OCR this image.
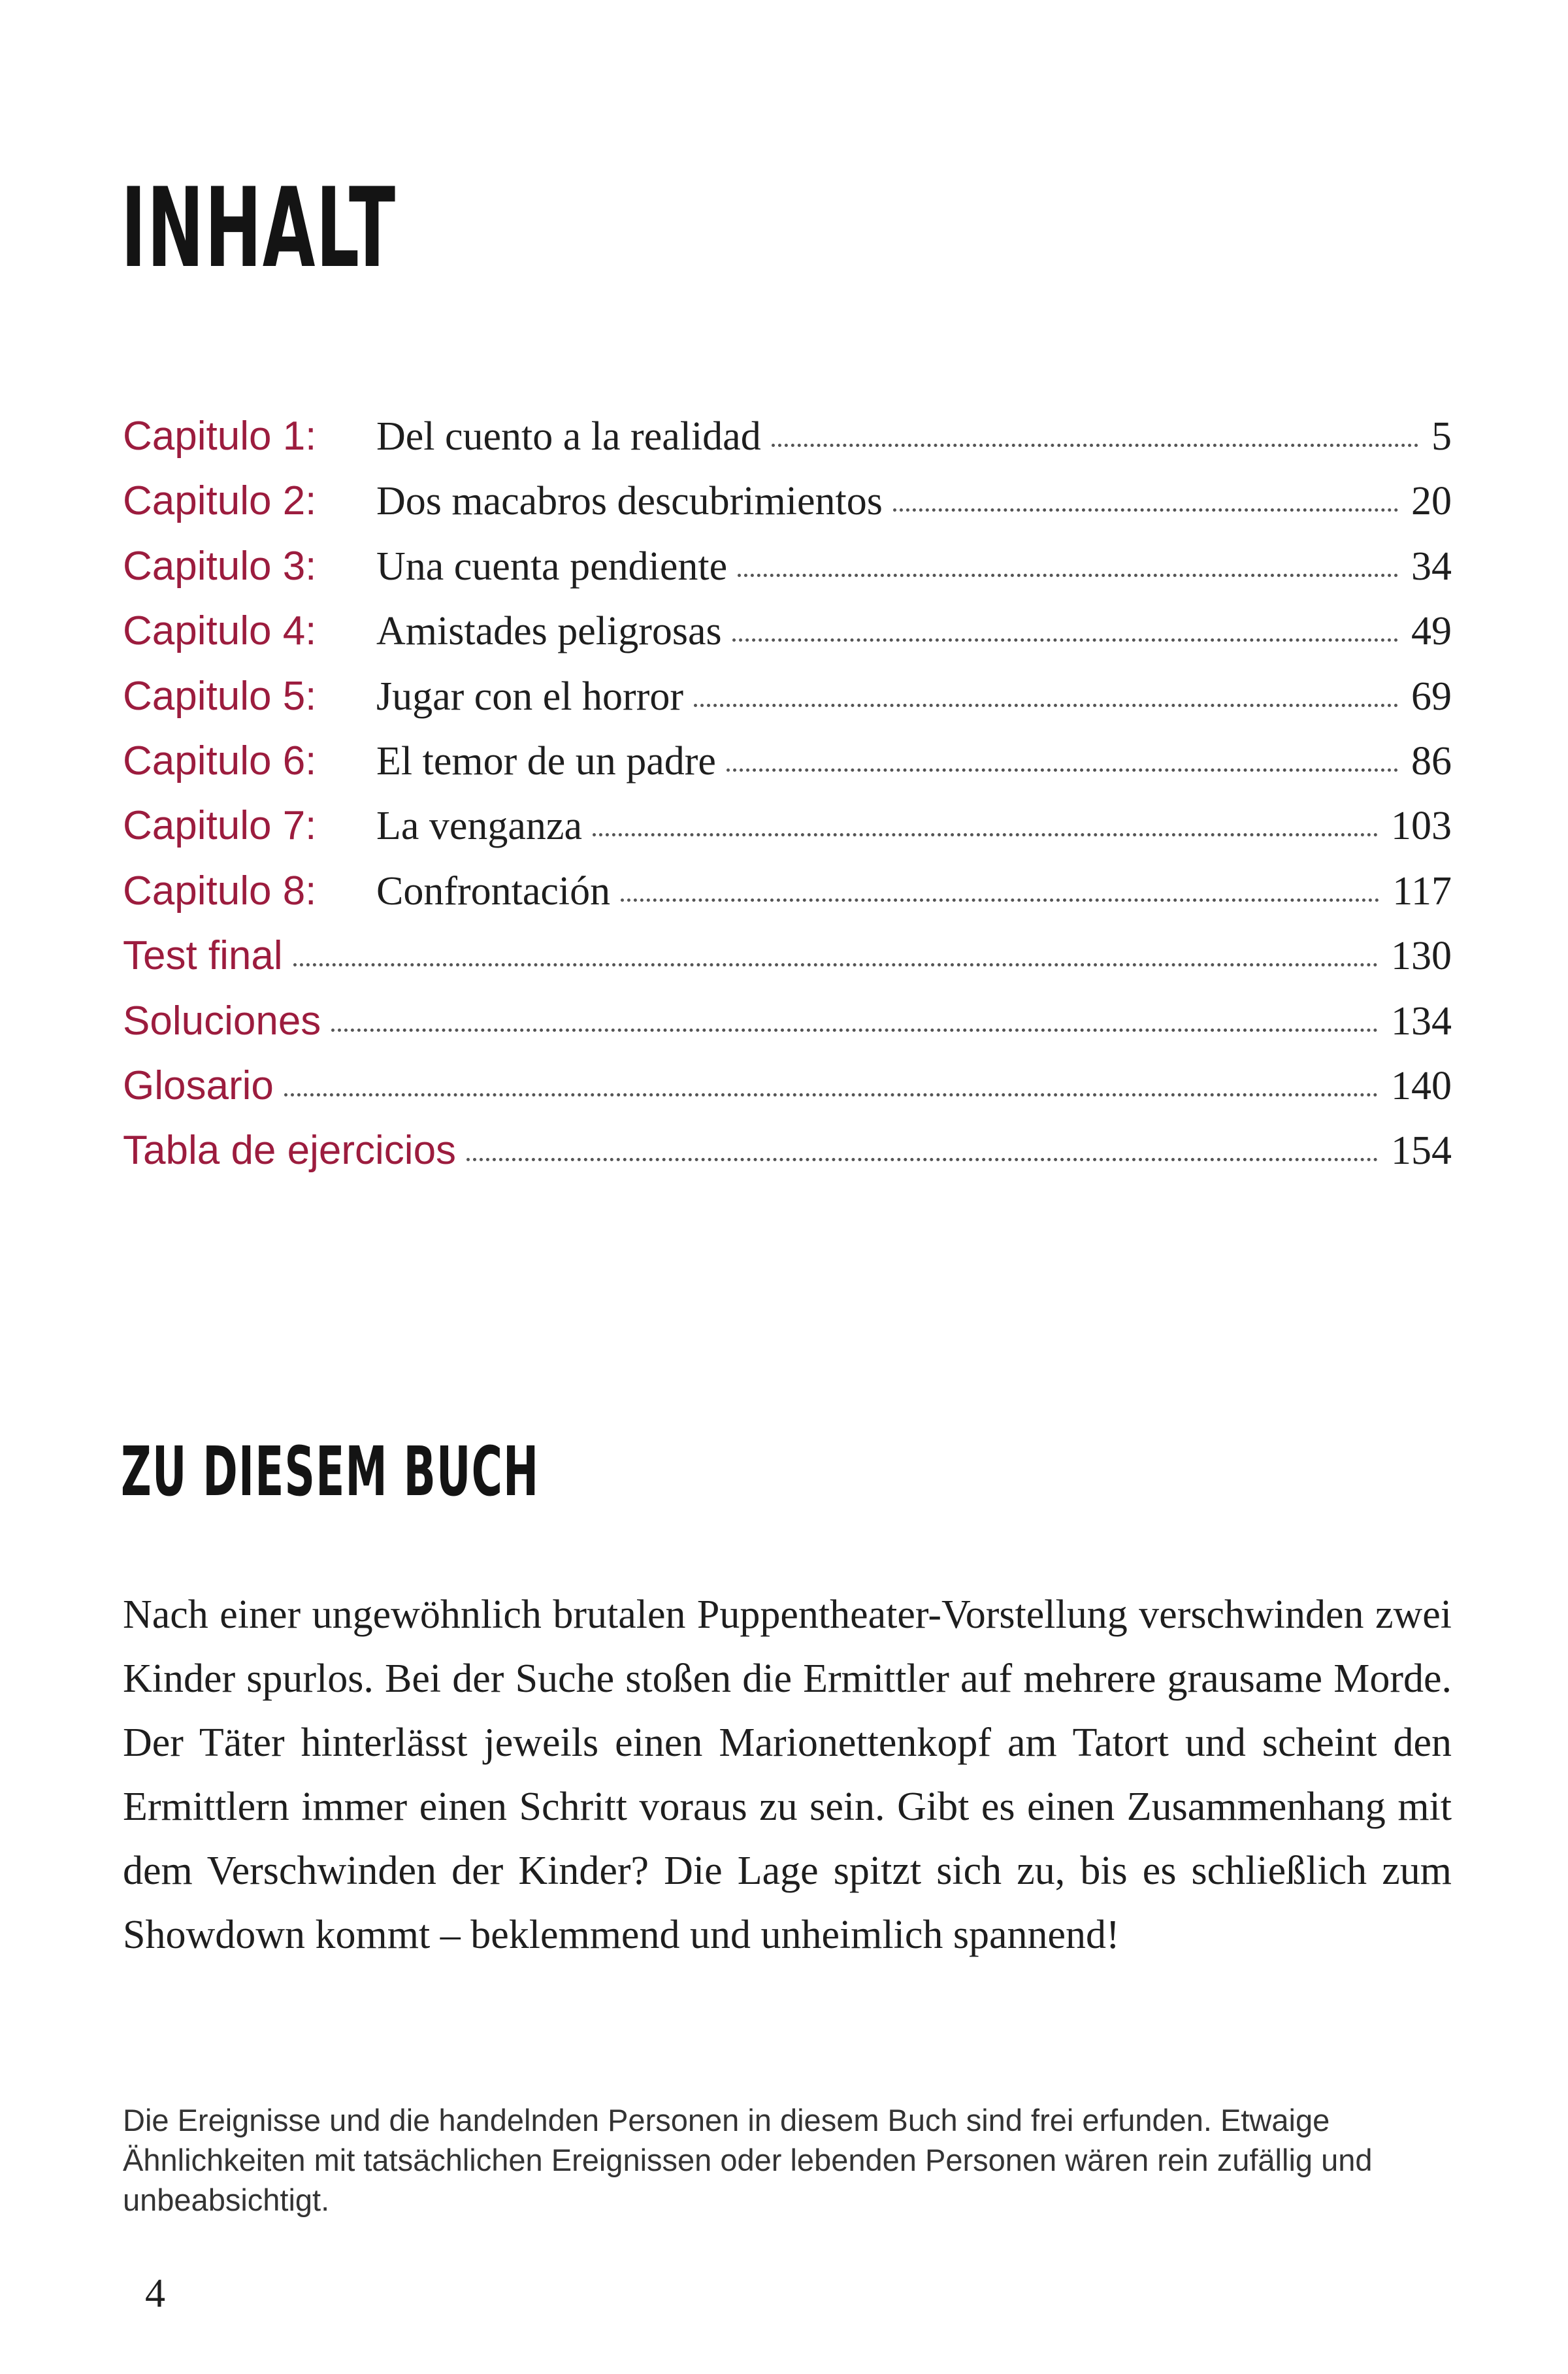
INHALT
Capitulo 1:	Del cuento a la realidad	5
Capitulo 2:	Dos macabros descubrimientos	20
Capitulo 3:	Una cuenta pendiente	34
Capitulo 4:	Amistades peligrosas	49
Capitulo 5:	Jugar con el horror	69
Capitulo 6:	El temor de un padre	86
Capitulo 7:	La venganza	103
Capitulo 8:	Confrontación	117
Test final	130
Soluciones	134
Glosario	140
Tabla de ejercicios	154
ZU DIESEM BUCH

Nach einer ungewöhnlich brutalen Puppentheater-Vorstellung verschwinden zwei Kinder spurlos. Bei der Suche stoßen die Ermittler auf mehrere grausame Morde. Der Täter hinterlässt jeweils einen Marionettenkopf am Tatort und scheint den Ermittlern immer einen Schritt voraus zu sein. Gibt es einen Zusammenhang mit dem Verschwinden der Kinder? Die Lage spitzt sich zu, bis es schließlich zum Showdown kommt – beklemmend und unheimlich spannend!

Die Ereignisse und die handelnden Personen in diesem Buch sind frei erfunden. Etwaige Ähnlichkeiten mit tatsächlichen Ereignissen oder lebenden Personen wären rein zufällig und unbeabsichtigt.

4
